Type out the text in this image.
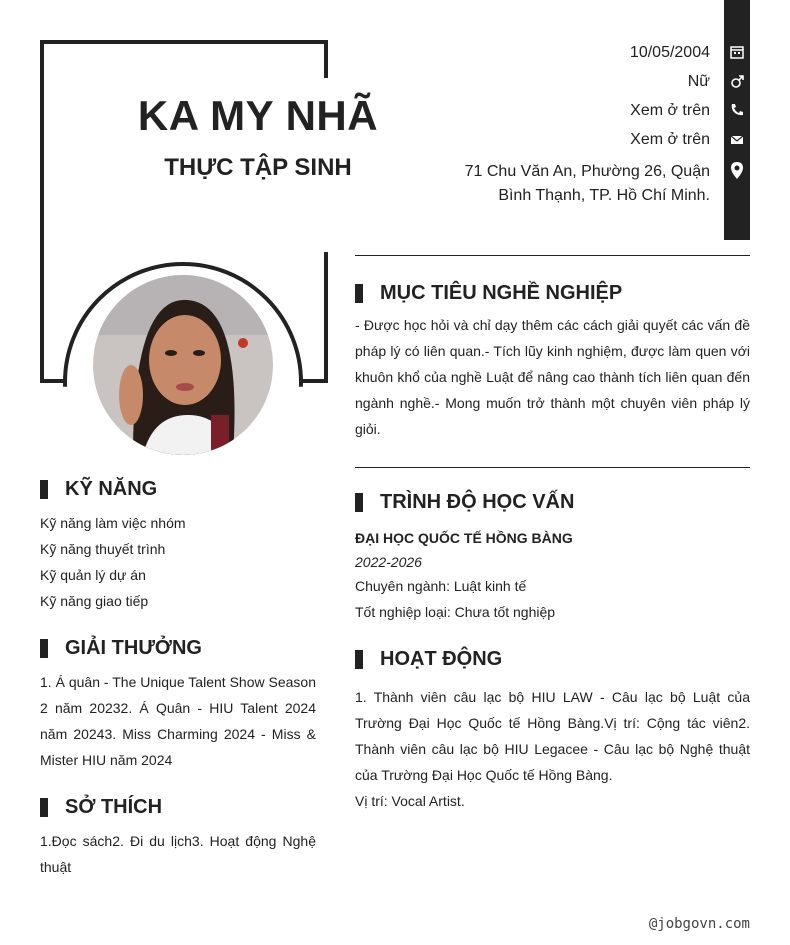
KA MY NHÃ
THỰC TẬP SINH
10/05/2004
Nữ
Xem ở trên
Xem ở trên
71 Chu Văn An, Phường 26, Quận
Bình Thạnh, TP. Hồ Chí Minh.
MỤC TIÊU NGHỀ NGHIỆP
- Được học hỏi và chỉ dạy thêm các cách giải quyết các vấn đề pháp lý có liên quan.- Tích lũy kinh nghiệm, được làm quen với khuôn khổ của nghề Luật để nâng cao thành tích liên quan đến ngành nghề.- Mong muốn trở thành một chuyên viên pháp lý giỏi.
TRÌNH ĐỘ HỌC VẤN
ĐẠI HỌC QUỐC TẾ HỒNG BÀNG
2022-2026
Chuyên ngành: Luật kinh tế
Tốt nghiệp loại: Chưa tốt nghiệp
HOẠT ĐỘNG
1. Thành viên câu lạc bộ HIU LAW - Câu lạc bộ Luật của Trường Đại Học Quốc tế Hồng Bàng.Vị trí: Cộng tác viên2. Thành viên câu lạc bộ HIU Legacee - Câu lạc bộ Nghệ thuật của Trường Đại Học Quốc tế Hồng Bàng.
Vị trí: Vocal Artist.
KỸ NĂNG
Kỹ năng làm việc nhóm
Kỹ năng thuyết trình
Kỹ quản lý dự án
Kỹ năng giao tiếp
GIẢI THƯỞNG
1. Á quân - The Unique Talent Show Season 2 năm 20232. Á Quân - HIU Talent 2024 năm 20243. Miss Charming 2024 - Miss & Mister HIU năm 2024
SỞ THÍCH
1.Đọc sách2. Đi du lịch3. Hoạt động Nghệ thuật
@jobgovn.com
